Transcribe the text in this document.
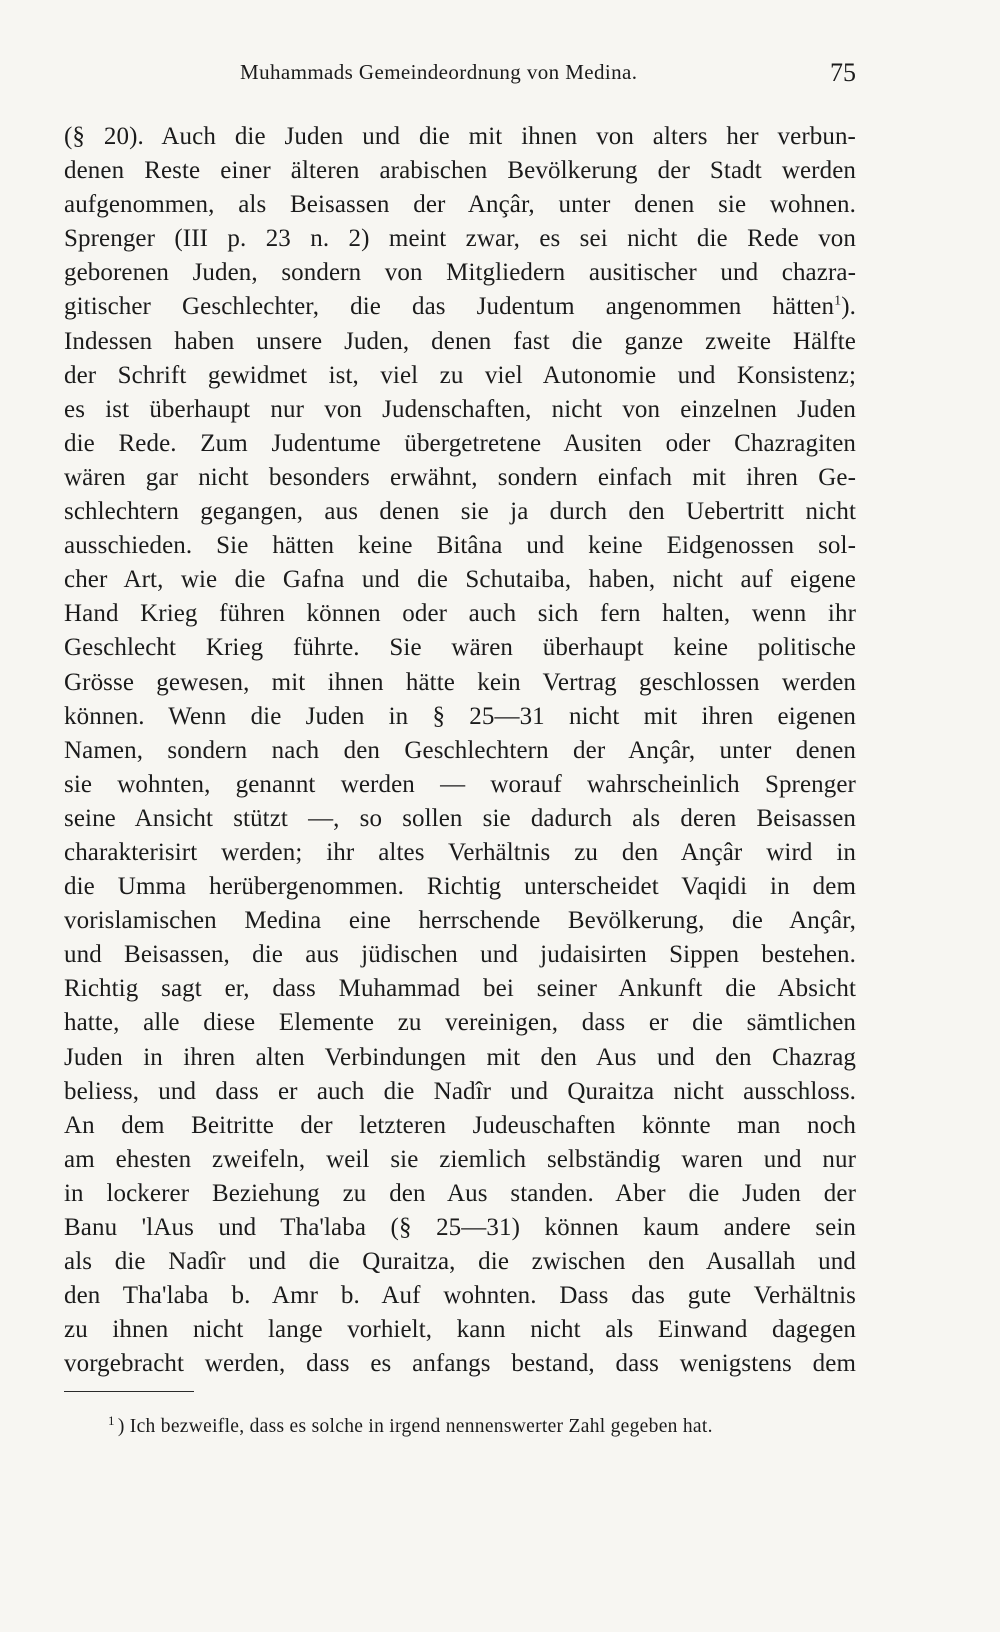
Muhammads Gemeindeordnung von Medina.	75
(§ 20). Auch die Juden und die mit ihnen von alters her verbun-
denen Reste einer älteren arabischen Bevölkerung der Stadt werden
aufgenommen, als Beisassen der Ançâr, unter denen sie wohnen.
Sprenger (III p. 23 n. 2) meint zwar, es sei nicht die Rede von
geborenen Juden, sondern von Mitgliedern ausitischer und chazra-
gitischer Geschlechter, die das Judentum angenommen hätten$^1$).
Indessen haben unsere Juden, denen fast die ganze zweite Hälfte
der Schrift gewidmet ist, viel zu viel Autonomie und Konsistenz;
es ist überhaupt nur von Judenschaften, nicht von einzelnen Juden
die Rede. Zum Judentume übergetretene Ausiten oder Chazragiten
wären gar nicht besonders erwähnt, sondern einfach mit ihren Ge-
schlechtern gegangen, aus denen sie ja durch den Uebertritt nicht
ausschieden. Sie hätten keine Bitâna und keine Eidgenossen sol-
cher Art, wie die Gafna und die Schutaiba, haben, nicht auf eigene
Hand Krieg führen können oder auch sich fern halten, wenn ihr
Geschlecht Krieg führte. Sie wären überhaupt keine politische
Grösse gewesen, mit ihnen hätte kein Vertrag geschlossen werden
können. Wenn die Juden in § 25—31 nicht mit ihren eigenen
Namen, sondern nach den Geschlechtern der Ançâr, unter denen
sie wohnten, genannt werden — worauf wahrscheinlich Sprenger
seine Ansicht stützt —, so sollen sie dadurch als deren Beisassen
charakterisirt werden; ihr altes Verhältnis zu den Ançâr wird in
die Umma herübergenommen. Richtig unterscheidet Vaqidi in dem
vorislamischen Medina eine herrschende Bevölkerung, die Ançâr,
und Beisassen, die aus jüdischen und judaisirten Sippen bestehen.
Richtig sagt er, dass Muhammad bei seiner Ankunft die Absicht
hatte, alle diese Elemente zu vereinigen, dass er die sämtlichen
Juden in ihren alten Verbindungen mit den Aus und den Chazrag
beliess, und dass er auch die Nadîr und Quraitza nicht ausschloss.
An dem Beitritte der letzteren Judeuschaften könnte man noch
am ehesten zweifeln, weil sie ziemlich selbständig waren und nur
in lockerer Beziehung zu den Aus standen. Aber die Juden der
Banu 'lAus und Tha'laba (§ 25—31) können kaum andere sein
als die Nadîr und die Quraitza, die zwischen den Ausallah und
den Tha'laba b. Amr b. Auf wohnten. Dass das gute Verhältnis
zu ihnen nicht lange vorhielt, kann nicht als Einwand dagegen
vorgebracht werden, dass es anfangs bestand, dass wenigstens dem
$^1$ ) Ich bezweifle, dass es solche in irgend nennenswerter Zahl gegeben hat.
